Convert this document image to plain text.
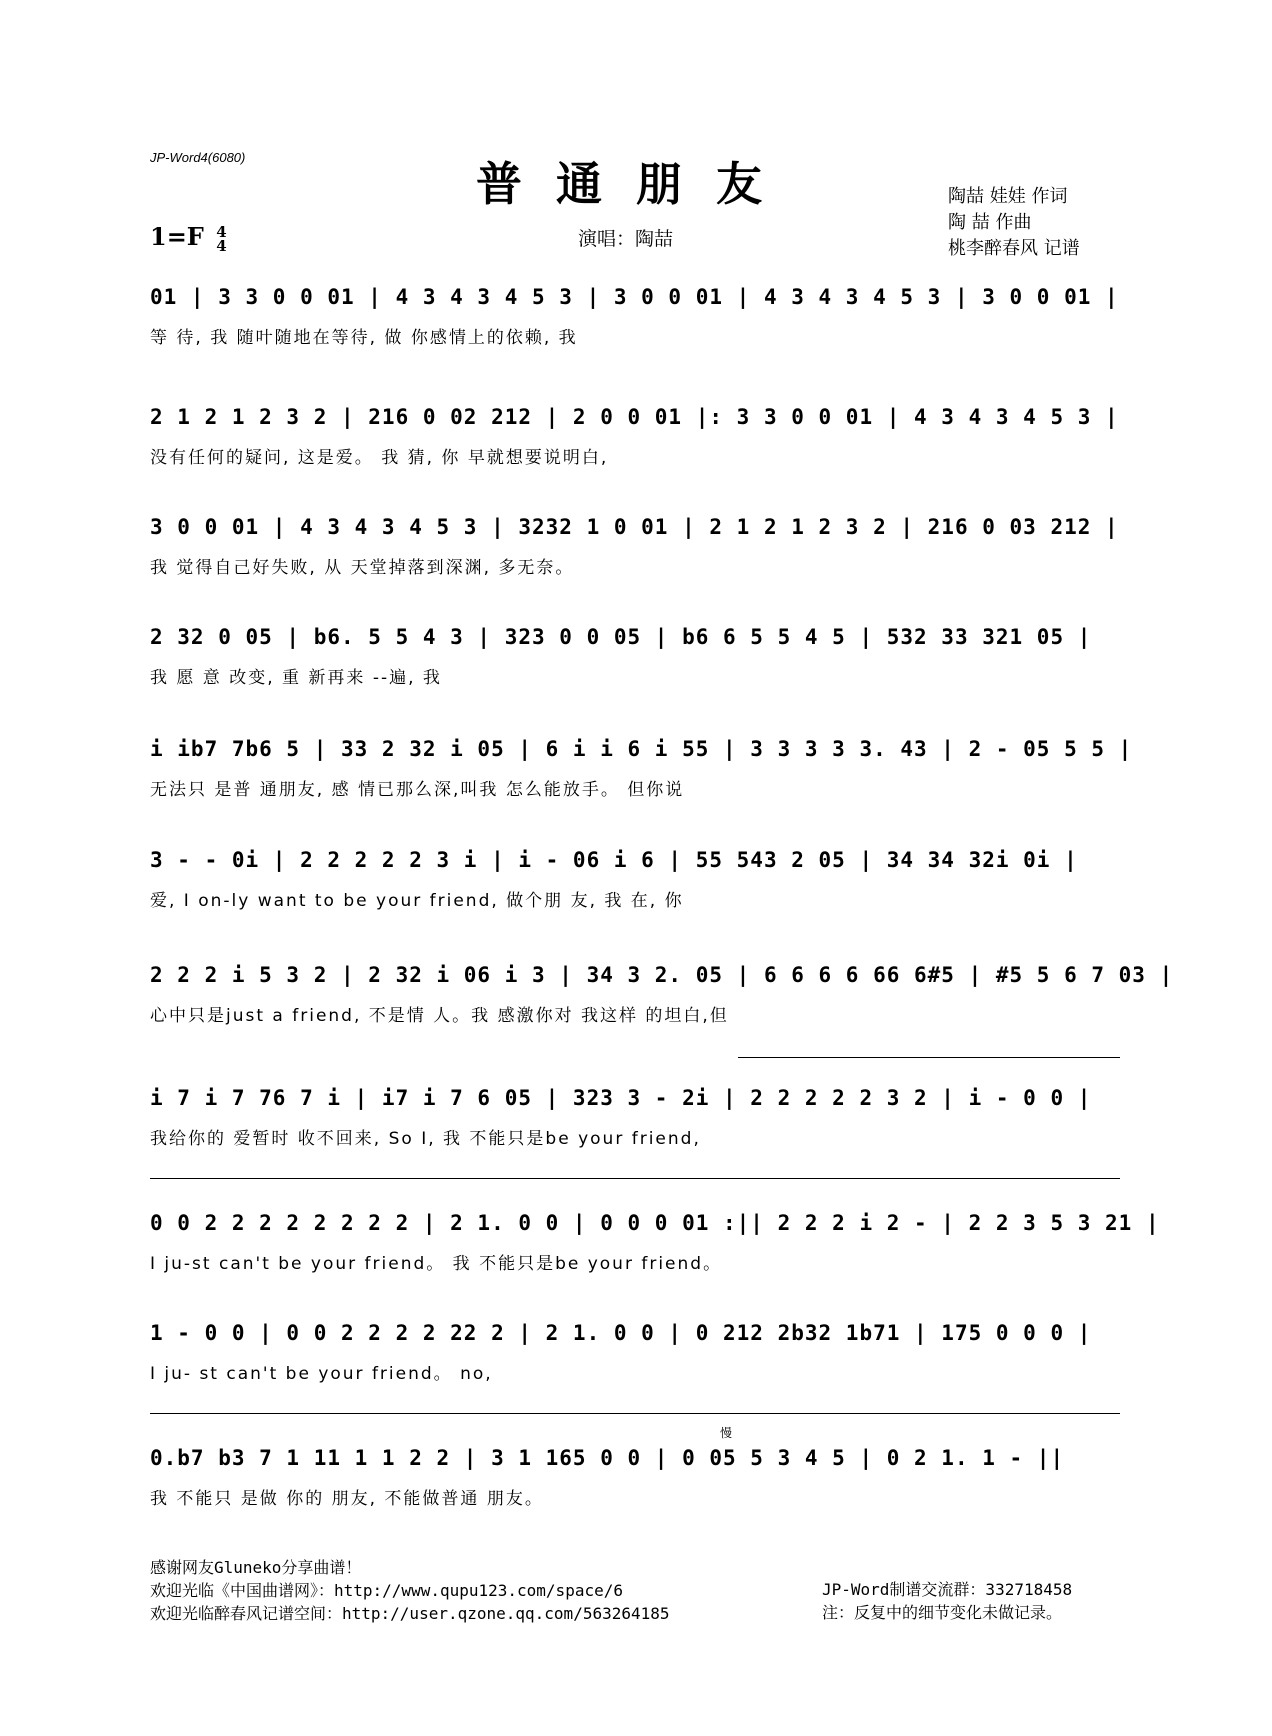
JP-Word4(6080)	普通朋友
1=F 4
4	演唱：陶喆
陶喆 娃娃 作词
陶 喆 作曲
桃李醉春风 记谱
01 | 3 3 0 0 01 | 4 3 4 3 4 5 3 | 3 0 0 01 | 4 3 4 3 4 5 3 | 3 0 0 01 |
等 待, 我 随叶随地在等待, 做 你感情上的依赖, 我
2 1 2 1 2 3 2 | 216 0 02 212 | 2 0 0 01 |: 3 3 0 0 01 | 4 3 4 3 4 5 3 |
没有任何的疑问, 这是爱。 我 猜, 你 早就想要说明白,
3 0 0 01 | 4 3 4 3 4 5 3 | 3232 1 0 01 | 2 1 2 1 2 3 2 | 216 0 03 212 |
我 觉得自己好失败, 从 天堂掉落到深渊, 多无奈。
2 32 0 05 | b6. 5 5 4 3 | 323 0 0 05 | b6 6 5 5 4 5 | 532 33 321 05 |
我 愿 意 改变, 重 新再来 --遍, 我
i ib7 7b6 5 | 33 2 32 i 05 | 6 i i 6 i 55 | 3 3 3 3 3. 43 | 2 - 05 5 5 |
无法只 是普 通朋友, 感 情已那么深,叫我 怎么能放手。 但你说
3 - - 0i | 2 2 2 2 2 3 i | i - 06 i 6 | 55 543 2 05 | 34 34 32i 0i |
爱, I on-ly want to be your friend, 做个朋 友, 我 在, 你
2 2 2 i 5 3 2 | 2 32 i 06 i 3 | 34 3 2. 05 | 6 6 6 6 66 6#5 | #5 5 6 7 03 |
心中只是just a friend, 不是情 人。我 感激你对 我这样 的坦白,但
i 7 i 7 76 7 i | i7 i 7 6 05 | 323 3 - 2i | 2 2 2 2 2 3 2 | i - 0 0 |
我给你的 爱暂时 收不回来, So I, 我 不能只是be your friend,
0 0 2 2 2 2 2 2 2 2 | 2 1. 0 0 | 0 0 0 01 :|| 2 2 2 i 2 - | 2 2 3 5 3 21 |
I ju-st can't be your friend。 我 不能只是be your friend。
1 - 0 0 | 0 0 2 2 2 2 22 2 | 2 1. 0 0 | 0 212 2b32 1b71 | 175 0 0 0 |
I ju- st can't be your friend。 no,
慢
0.b7 b3 7 1 11 1 1 2 2 | 3 1 165 0 0 | 0 05 5 3 4 5 | 0 2 1. 1 - ||
我 不能只 是做 你的 朋友, 不能做普通 朋友。
感谢网友Gluneko分享曲谱！
欢迎光临《中国曲谱网》：http://www.qupu123.com/space/6
欢迎光临醉春风记谱空间：http://user.qzone.qq.com/563264185
JP-Word制谱交流群：332718458
注：反复中的细节变化未做记录。
